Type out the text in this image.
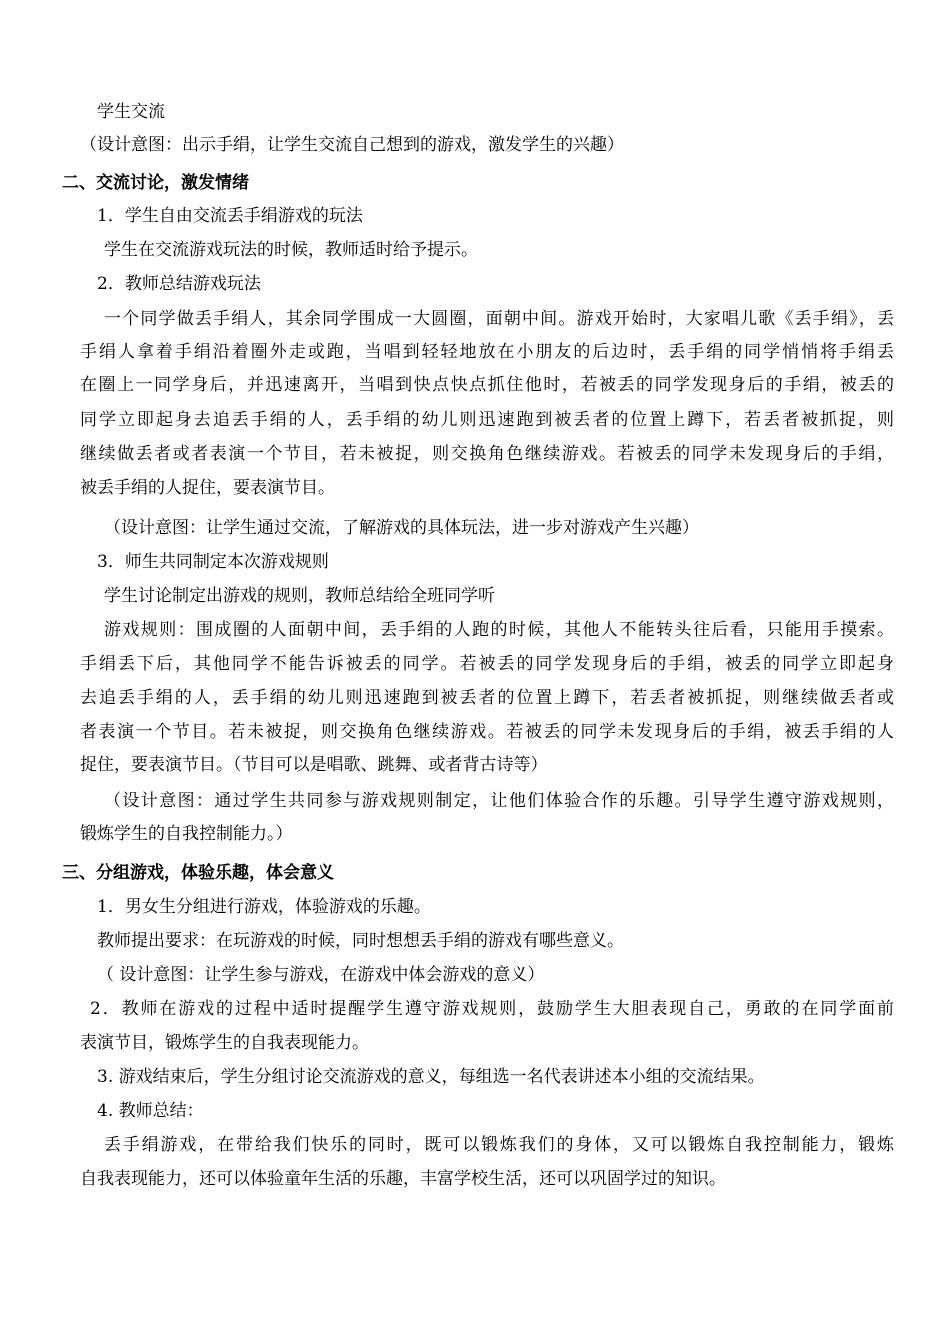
学生交流
（设计意图：出示手绢，让学生交流自己想到的游戏，激发学生的兴趣）
二、交流讨论，激发情绪
1．学生自由交流丢手绢游戏的玩法
学生在交流游戏玩法的时候，教师适时给予提示。
2．教师总结游戏玩法
一个同学做丢手绢人，其余同学围成一大圆圈，面朝中间。游戏开始时，大家唱儿歌《丢手绢》，丢
手绢人拿着手绢沿着圈外走或跑，当唱到轻轻地放在小朋友的后边时，丢手绢的同学悄悄将手绢丢
在圈上一同学身后，并迅速离开，当唱到快点快点抓住他时，若被丢的同学发现身后的手绢，被丢的
同学立即起身去追丢手绢的人，丢手绢的幼儿则迅速跑到被丢者的位置上蹲下，若丢者被抓捉，则
继续做丢者或者表演一个节目，若未被捉，则交换角色继续游戏。若被丢的同学未发现身后的手绢，
被丢手绢的人捉住，要表演节目。
（设计意图：让学生通过交流，了解游戏的具体玩法，进一步对游戏产生兴趣）
3．师生共同制定本次游戏规则
学生讨论制定出游戏的规则，教师总结给全班同学听
游戏规则：围成圈的人面朝中间，丢手绢的人跑的时候，其他人不能转头往后看，只能用手摸索。
手绢丢下后，其他同学不能告诉被丢的同学。若被丢的同学发现身后的手绢，被丢的同学立即起身
去追丢手绢的人，丢手绢的幼儿则迅速跑到被丢者的位置上蹲下，若丢者被抓捉，则继续做丢者或
者表演一个节目。若未被捉，则交换角色继续游戏。若被丢的同学未发现身后的手绢，被丢手绢的人
捉住，要表演节目。（节目可以是唱歌、跳舞、或者背古诗等）
（设计意图：通过学生共同参与游戏规则制定，让他们体验合作的乐趣。引导学生遵守游戏规则，
锻炼学生的自我控制能力。）
三、分组游戏，体验乐趣，体会意义
1．男女生分组进行游戏，体验游戏的乐趣。
教师提出要求：在玩游戏的时候，同时想想丢手绢的游戏有哪些意义。
（ 设计意图：让学生参与游戏，在游戏中体会游戏的意义）
2．教师在游戏的过程中适时提醒学生遵守游戏规则，鼓励学生大胆表现自己，勇敢的在同学面前
表演节目，锻炼学生的自我表现能力。
3. 游戏结束后，学生分组讨论交流游戏的意义，每组选一名代表讲述本小组的交流结果。
4. 教师总结：
丢手绢游戏，在带给我们快乐的同时，既可以锻炼我们的身体，又可以锻炼自我控制能力，锻炼
自我表现能力，还可以体验童年生活的乐趣，丰富学校生活，还可以巩固学过的知识。
